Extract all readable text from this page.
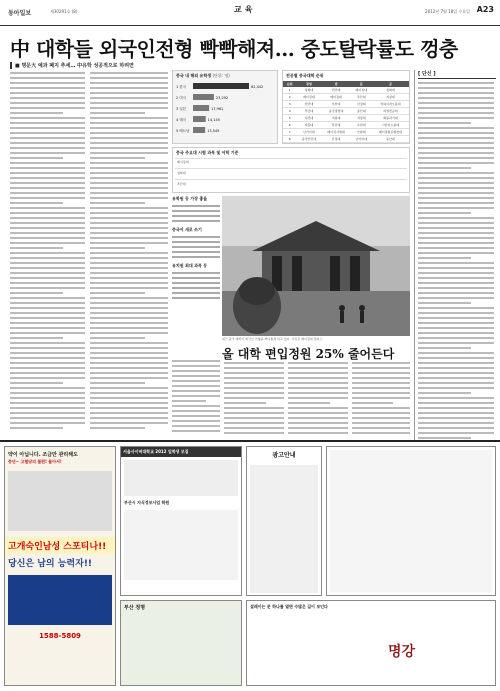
동아일보	제30291호 (8)	교육	2012년 7월 18일 수요일 A23
中 대학들 외국인전형 빡빡해져… 중도탈락률도 껑충
■ 명문大 예과 폐지 추세… 中유학 성공적으로 하려면
중국 내 해외 유학생 (단위: 명)
1 한국	62,442
2 미국	23,292
3 일본	17,961
4 태국	14,145
5 베트남	13,549
전공별 중국대학 순위
순위	경영	법	문	공
1	칭화대	런민대	베이징대	칭화대
2	베이징대	베이징대	푸단대	저장대
3	런민대	우한대	난징대	상하이자오퉁대
4	푸단대	중국정법대	중산대	하얼빈공대
5	샤먼대	지린대	저장대	화중과기대
6	저장대	푸단대	우한대	시안자오퉁대
7	난카이대	베이징사범대	쓰촨대	베이징항공항천대
8	중국인민대	난징대	난카이대	둥난대
중국 주요대 시험 과목 및 어학 기준
베이징대
칭화대
푸단대
유학원 등 가장 좋을
중국어 새로 쓰기
유치원 최대 과목 등
최근 중국 대학이 외국인 전형을 까다롭게 하고 있다. 사진은 베이징대 캠퍼스.
올 대학 편입정원 25% 줄어든다
[ 단신 ]
약이 아닙니다. 조금만 관리해도
중년~ 고혈당의 불편! 몰아서!
고개숙인남성 스포티나!!
당신은 남의 능력자!!
1588-5809
서울사이버대학교 2012 입학생 모집
부산시 지식정보사업 학원
광고안내
부산 정명	설레이는 문 하나를 열면 수많은 길이 보인다
명강
